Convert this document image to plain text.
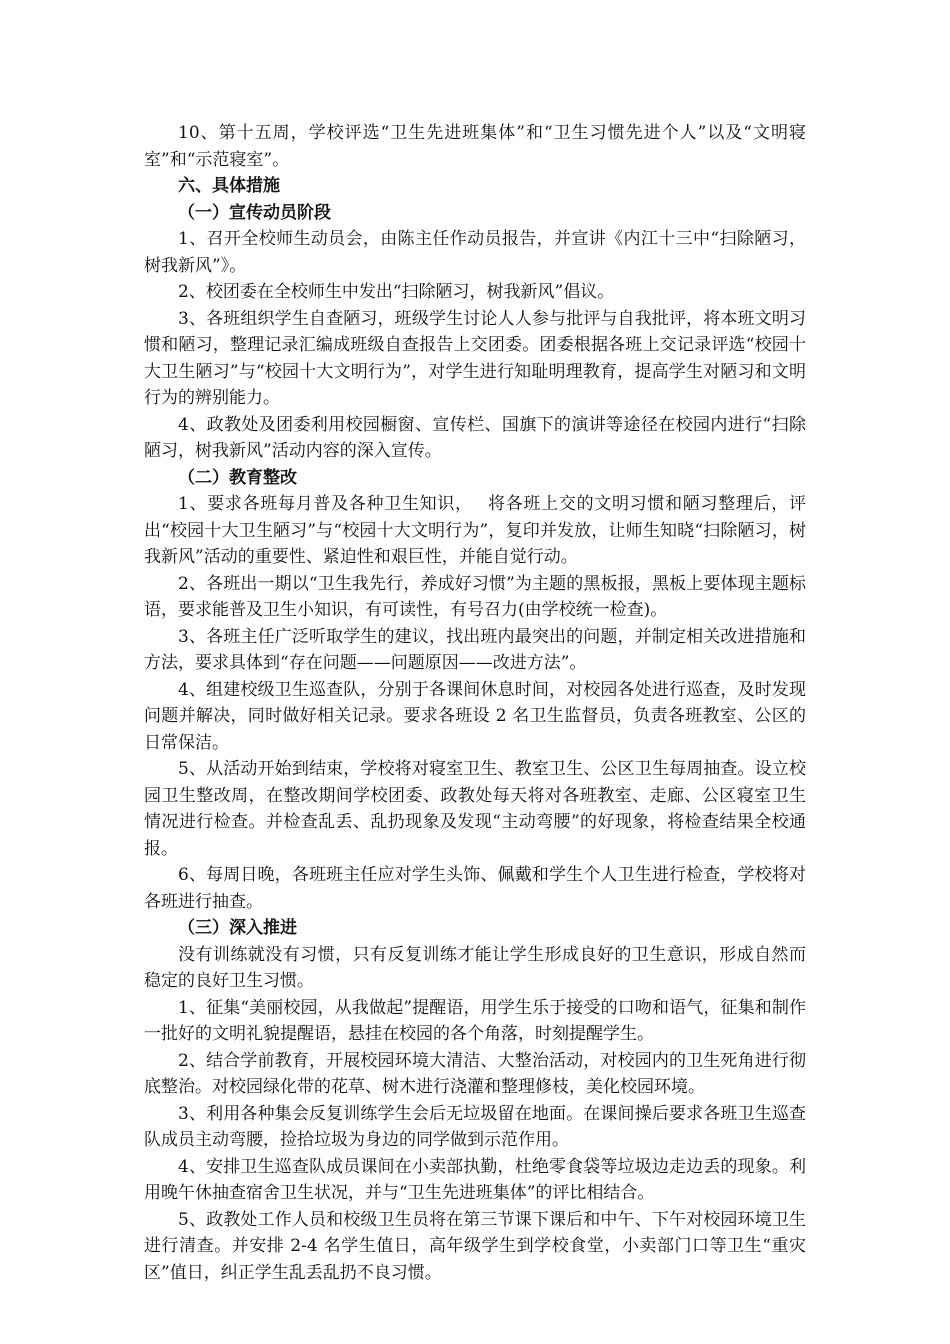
10、第十五周，学校评选“卫生先进班集体”和“卫生习惯先进个人”以及“文明寝室”和“示范寝室”。

六、具体措施

（一）宣传动员阶段

1、召开全校师生动员会，由陈主任作动员报告，并宣讲《内江十三中“扫除陋习，树我新风”》。

2、校团委在全校师生中发出“扫除陋习，树我新风”倡议。

3、各班组织学生自查陋习，班级学生讨论人人参与批评与自我批评，将本班文明习惯和陋习，整理记录汇编成班级自查报告上交团委。团委根据各班上交记录评选“校园十大卫生陋习”与“校园十大文明行为”，对学生进行知耻明理教育，提高学生对陋习和文明行为的辨别能力。

4、政教处及团委利用校园橱窗、宣传栏、国旗下的演讲等途径在校园内进行“扫除陋习，树我新风”活动内容的深入宣传。

（二）教育整改

1、要求各班每月普及各种卫生知识，　 将各班上交的文明习惯和陋习整理后，评出“校园十大卫生陋习”与“校园十大文明行为”，复印并发放，让师生知晓“扫除陋习，树我新风”活动的重要性、紧迫性和艰巨性，并能自觉行动。

2、各班出一期以“卫生我先行，养成好习惯”为主题的黑板报，黑板上要体现主题标语，要求能普及卫生小知识，有可读性，有号召力(由学校统一检查)。

3、各班主任广泛听取学生的建议，找出班内最突出的问题，并制定相关改进措施和方法，要求具体到“存在问题——问题原因——改进方法”。

4、组建校级卫生巡查队，分别于各课间休息时间，对校园各处进行巡查，及时发现问题并解决，同时做好相关记录。要求各班设 2 名卫生监督员，负责各班教室、公区的日常保洁。

5、从活动开始到结束，学校将对寝室卫生、教室卫生、公区卫生每周抽查。设立校园卫生整改周，在整改期间学校团委、政教处每天将对各班教室、走廊、公区寝室卫生情况进行检查。并检查乱丢、乱扔现象及发现“主动弯腰”的好现象，将检查结果全校通报。

6、每周日晚，各班班主任应对学生头饰、佩戴和学生个人卫生进行检查，学校将对各班进行抽查。

（三）深入推进

没有训练就没有习惯，只有反复训练才能让学生形成良好的卫生意识，形成自然而稳定的良好卫生习惯。

1、征集“美丽校园，从我做起”提醒语，用学生乐于接受的口吻和语气，征集和制作一批好的文明礼貌提醒语，悬挂在校园的各个角落，时刻提醒学生。

2、结合学前教育，开展校园环境大清洁、大整治活动，对校园内的卫生死角进行彻底整治。对校园绿化带的花草、树木进行浇灌和整理修枝，美化校园环境。

3、利用各种集会反复训练学生会后无垃圾留在地面。在课间操后要求各班卫生巡查队成员主动弯腰，捡拾垃圾为身边的同学做到示范作用。

4、安排卫生巡查队成员课间在小卖部执勤，杜绝零食袋等垃圾边走边丢的现象。利用晚午休抽查宿舍卫生状况，并与“卫生先进班集体”的评比相结合。

5、政教处工作人员和校级卫生员将在第三节课下课后和中午、下午对校园环境卫生进行清查。并安排 2-4 名学生值日，高年级学生到学校食堂，小卖部门口等卫生“重灾区”值日，纠正学生乱丢乱扔不良习惯。
